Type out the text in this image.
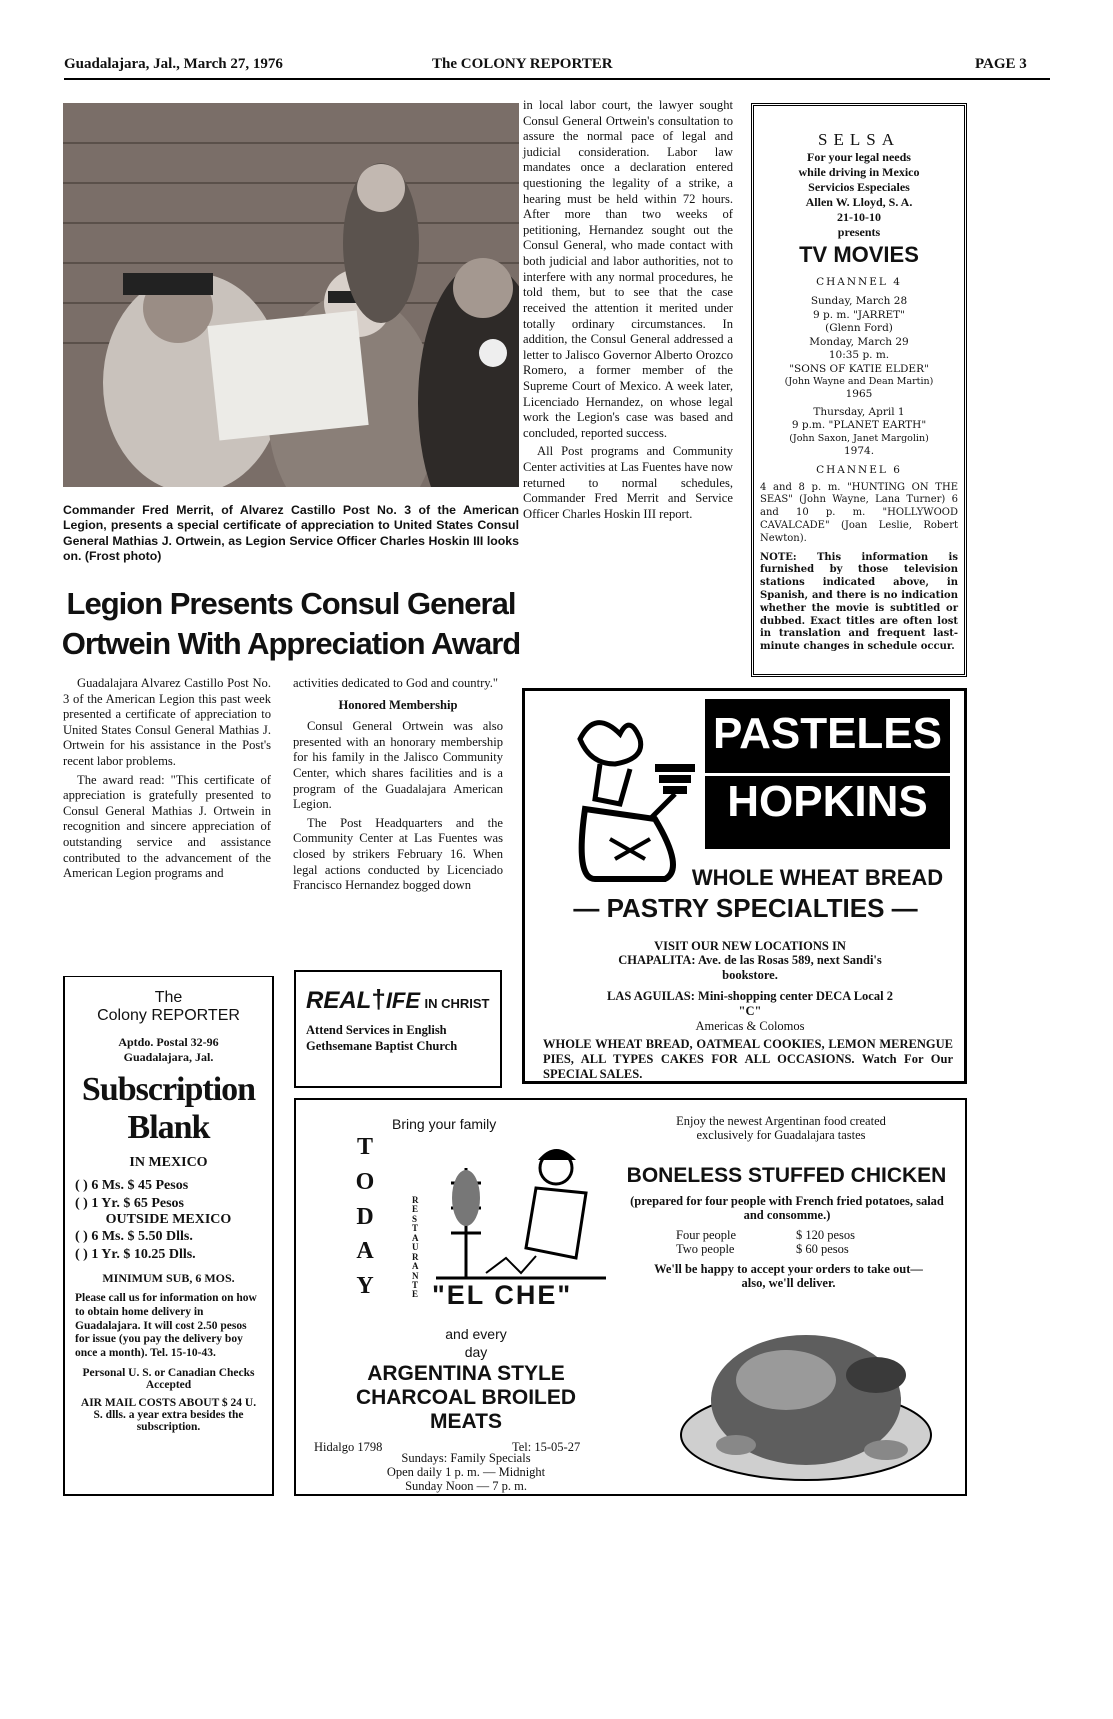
Guadalajara, Jal., March 27, 1976	The COLONY REPORTER	PAGE 3
Commander Fred Merrit, of Alvarez Castillo Post No. 3 of the American Legion, presents a special certificate of appreciation to United States Consul General Mathias J. Ortwein, as Legion Service Officer Charles Hoskin III looks on. (Frost photo)
Legion Presents Consul General
Ortwein With Appreciation Award

Guadalajara Alvarez Castillo Post No. 3 of the American Legion this past week presented a certificate of appreciation to United States Consul General Mathias J. Ortwein for his assistance in the Post's recent labor problems.

The award read: "This certificate of appreciation is gratefully presented to Consul General Mathias J. Ortwein in recognition and sincere appreciation of outstanding service and assistance contributed to the advancement of the American Legion programs and

activities dedicated to God and country."

Honored Membership

Consul General Ortwein was also presented with an honorary membership for his family in the Jalisco Community Center, which shares facilities and is a program of the Guadalajara American Legion.

The Post Headquarters and the Community Center at Las Fuentes was closed by strikers February 16. When legal actions conducted by Licenciado Francisco Hernandez bogged down

in local labor court, the lawyer sought Consul General Ortwein's consultation to assure the normal pace of legal and judicial consideration. Labor law mandates once a declaration entered questioning the legality of a strike, a hearing must be held within 72 hours. After more than two weeks of petitioning, Hernandez sought out the Consul General, who made contact with both judicial and labor authorities, not to interfere with any normal procedures, he told them, but to see that the case received the attention it merited under totally ordinary circumstances. In addition, the Consul General addressed a letter to Jalisco Governor Alberto Orozco Romero, a former member of the Supreme Court of Mexico. A week later, Licenciado Hernandez, on whose legal work the Legion's case was based and concluded, reported success.

All Post programs and Community Center activities at Las Fuentes have now returned to normal schedules, Commander Fred Merrit and Service Officer Charles Hoskin III report.

SELSA
For your legal needs
while driving in Mexico
Servicios Especiales
Allen W. Lloyd, S. A.
21-10-10
presents
TV MOVIES
CHANNEL 4
Sunday, March 28
9 p. m. "JARRET"
(Glenn Ford)
Monday, March 29
10:35 p. m.
"SONS OF KATIE ELDER"
(John Wayne and Dean Martin)
1965
Thursday, April 1
9 p.m. "PLANET EARTH"
(John Saxon, Janet Margolin)
1974.
CHANNEL 6
4 and 8 p. m. "HUNTING ON THE SEAS" (John Wayne, Lana Turner) 6 and 10 p. m. "HOLLYWOOD CAVALCADE" (Joan Leslie, Robert Newton).
NOTE: This information is furnished by those television stations indicated above, in Spanish, and there is no indication whether the movie is subtitled or dubbed. Exact titles are often lost in translation and frequent last-minute changes in schedule occur.
PASTELES
HOPKINS
WHOLE WHEAT BREAD
— PASTRY SPECIALTIES —
VISIT OUR NEW LOCATIONS IN
CHAPALITA: Ave. de las Rosas 589, next Sandi's bookstore.
LAS AGUILAS: Mini-shopping center DECA Local 2 "C"
Americas & Colomos
WHOLE WHEAT BREAD, OATMEAL COOKIES, LEMON MERENGUE PIES, ALL TYPES CAKES FOR ALL OCCASIONS. Watch For Our SPECIAL SALES.
The
Colony REPORTER
Aptdo. Postal 32-96
Guadalajara, Jal.
Subscription
Blank
IN MEXICO
( ) 6 Ms. $ 45 Pesos
( ) 1 Yr. $ 65 Pesos
OUTSIDE MEXICO
( ) 6 Ms. $ 5.50 Dlls.
( ) 1 Yr. $ 10.25 Dlls.
MINIMUM SUB, 6 MOS.
Please call us for information on how to obtain home delivery in Guadalajara. It will cost 2.50 pesos for issue (you pay the delivery boy once a month). Tel. 15-10-43.
Personal U. S. or Canadian Checks Accepted
AIR MAIL COSTS ABOUT $ 24 U. S. dlls. a year extra besides the subscription.
REAL†IFE IN CHRIST
Attend Services in English Gethsemane Baptist Church
T
O
D
A
Y
Bring your family
RESTAURANTE "EL CHE"
and every
day
ARGENTINA STYLE
CHARCOAL BROILED
MEATS
Hidalgo 1798	Tel: 15-05-27
Sundays: Family Specials
Open daily 1 p. m. — Midnight
Sunday Noon — 7 p. m.
Enjoy the newest Argentinan food created exclusively for Guadalajara tastes
BONELESS STUFFED CHICKEN
(prepared for four people with French fried potatoes, salad and consomme.)
Four people	$ 120 pesos
Two people	$ 60 pesos
We'll be happy to accept your orders to take out—also, we'll deliver.
